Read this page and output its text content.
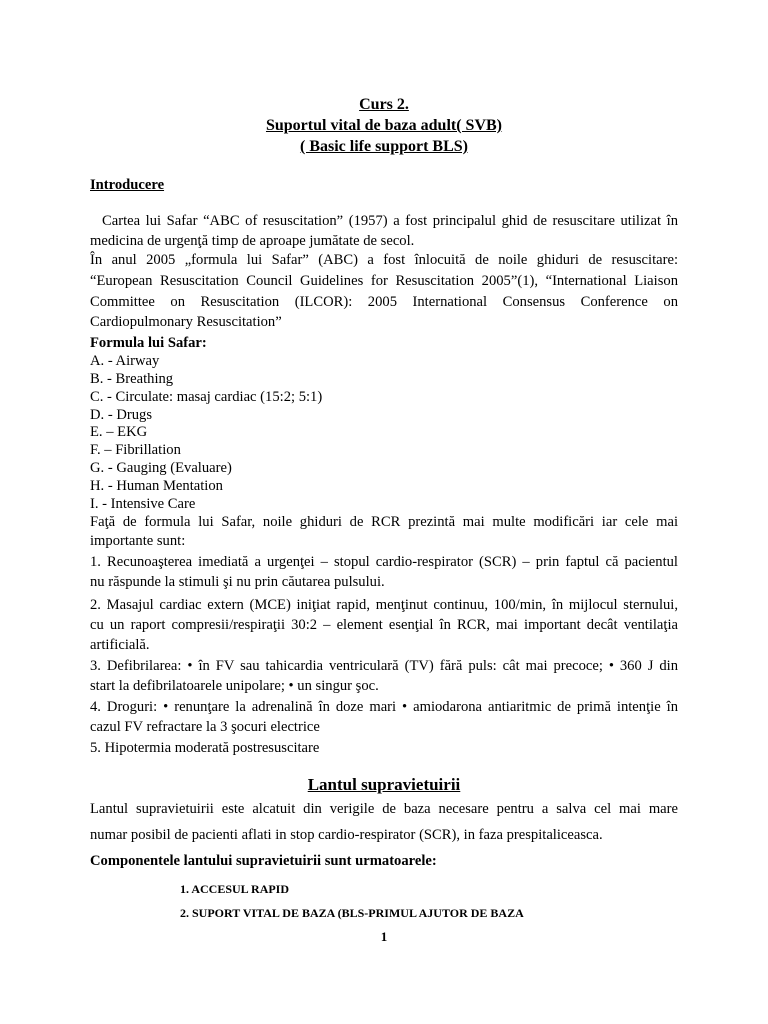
Curs 2.
Suportul vital de baza adult( SVB)
( Basic life support BLS)
Introducere
Cartea lui Safar “ABC of resuscitation” (1957) a fost principalul ghid de resuscitare utilizat în
medicina de urgenţă timp de aproape jumătate de secol.
În anul 2005 „formula lui Safar” (ABC) a fost înlocuită de noile ghiduri de resuscitare:
“European Resuscitation Council Guidelines for Resuscitation 2005”(1), “International Liaison
Committee on Resuscitation (ILCOR): 2005 International Consensus Conference on
Cardiopulmonary Resuscitation”
Formula lui Safar:
A. - Airway
B. - Breathing
C. - Circulate: masaj cardiac (15:2; 5:1)
D. - Drugs
E. – EKG
F. – Fibrillation
G. - Gauging (Evaluare)
H. - Human Mentation
I. - Intensive Care
Faţă de formula lui Safar, noile ghiduri de RCR prezintă mai multe modificări iar cele mai
importante sunt:
1. Recunoaşterea imediată a urgenţei – stopul cardio-respirator (SCR) – prin faptul că pacientul
nu răspunde la stimuli şi nu prin căutarea pulsului.
2. Masajul cardiac extern (MCE) iniţiat rapid, menţinut continuu, 100/min, în mijlocul sternului,
cu un raport compresii/respiraţii 30:2 – element esenţial în RCR, mai important decât ventilaţia
artificială.
3. Defibrilarea: • în FV sau tahicardia ventriculară (TV) fără puls: cât mai precoce; • 360 J din
start la defibrilatoarele unipolare; • un singur şoc.
4. Droguri: • renunţare la adrenalină în doze mari • amiodarona antiaritmic de primă intenţie în
cazul FV refractare la 3 şocuri electrice
5. Hipotermia moderată postresuscitare
Lantul supravietuirii
Lantul supravietuirii este alcatuit din verigile de baza necesare pentru a salva cel mai mare
numar posibil de pacienti aflati in stop cardio-respirator (SCR), in faza prespitaliceasca.
Componentele lantului supravietuirii sunt urmatoarele:
1. ACCESUL RAPID
2. SUPORT VITAL DE BAZA (BLS-PRIMUL AJUTOR DE BAZA
1
